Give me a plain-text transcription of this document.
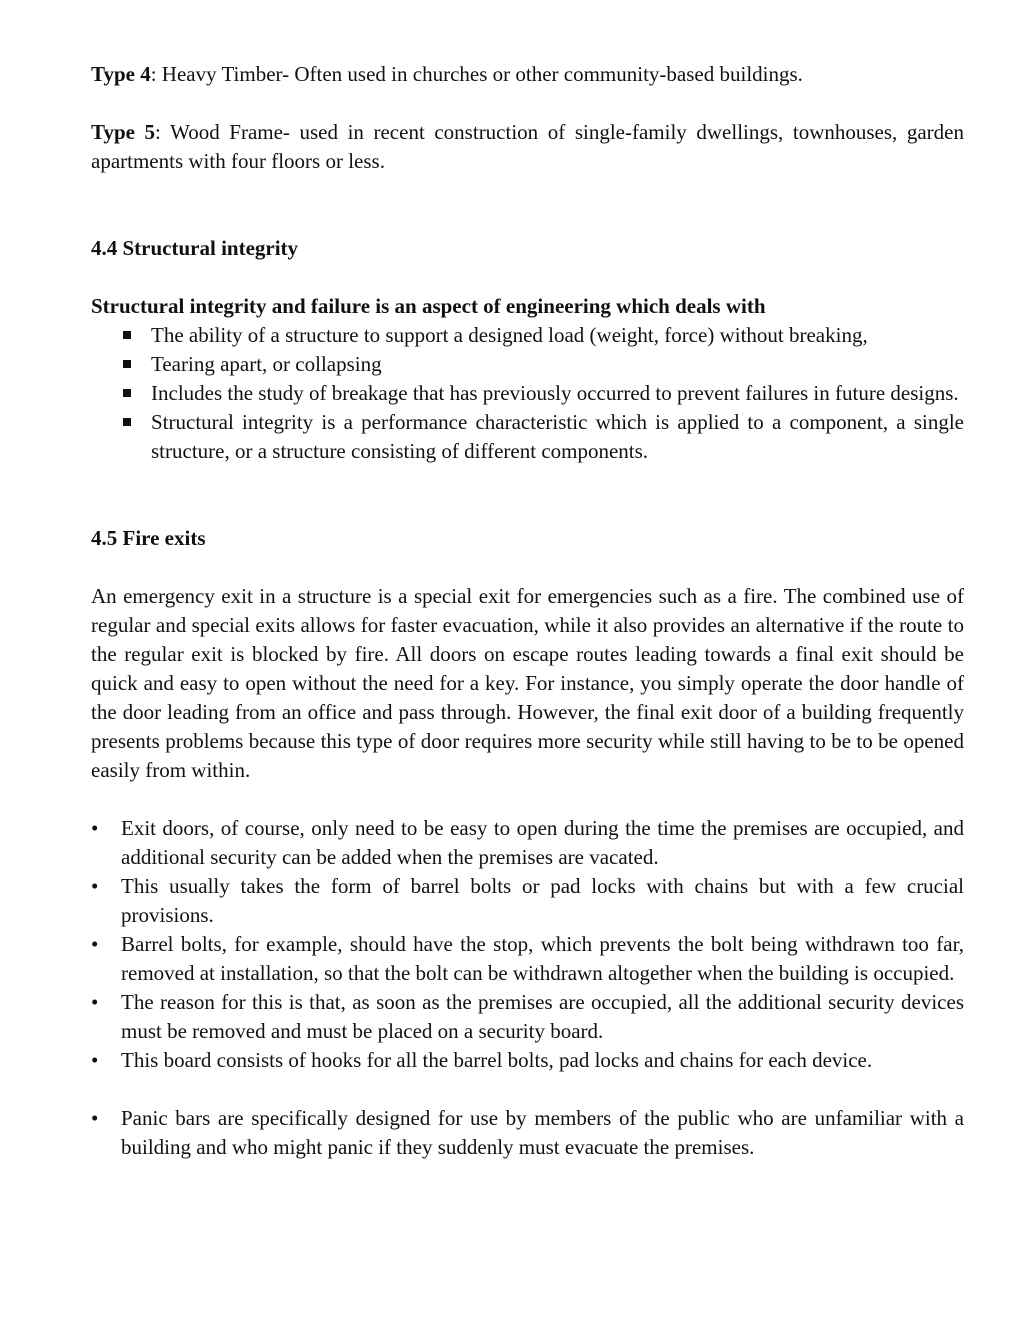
Type 4: Heavy Timber- Often used in churches or other community-based buildings.

Type 5: Wood Frame- used in recent construction of single-family dwellings, townhouses, garden apartments with four floors or less.

4.4 Structural integrity

Structural integrity and failure is an aspect of engineering which deals with

The ability of a structure to support a designed load (weight, force) without breaking,
Tearing apart, or collapsing
Includes the study of breakage that has previously occurred to prevent failures in future designs.
Structural integrity is a performance characteristic which is applied to a component, a single structure, or a structure consisting of different components.

4.5 Fire exits

An emergency exit in a structure is a special exit for emergencies such as a fire. The combined use of regular and special exits allows for faster evacuation, while it also provides an alternative if the route to the regular exit is blocked by fire. All doors on escape routes leading towards a final exit should be quick and easy to open without the need for a key. For instance, you simply operate the door handle of the door leading from an office and pass through. However, the final exit door of a building frequently presents problems because this type of door requires more security while still having to be to be opened easily from within.

• Exit doors, of course, only need to be easy to open during the time the premises are occupied, and additional security can be added when the premises are vacated.
• This usually takes the form of barrel bolts or pad locks with chains but with a few crucial provisions.
• Barrel bolts, for example, should have the stop, which prevents the bolt being withdrawn too far, removed at installation, so that the bolt can be withdrawn altogether when the building is occupied.
• The reason for this is that, as soon as the premises are occupied, all the additional security devices must be removed and must be placed on a security board.
• This board consists of hooks for all the barrel bolts, pad locks and chains for each device.
• Panic bars are specifically designed for use by members of the public who are unfamiliar with a building and who might panic if they suddenly must evacuate the premises.
